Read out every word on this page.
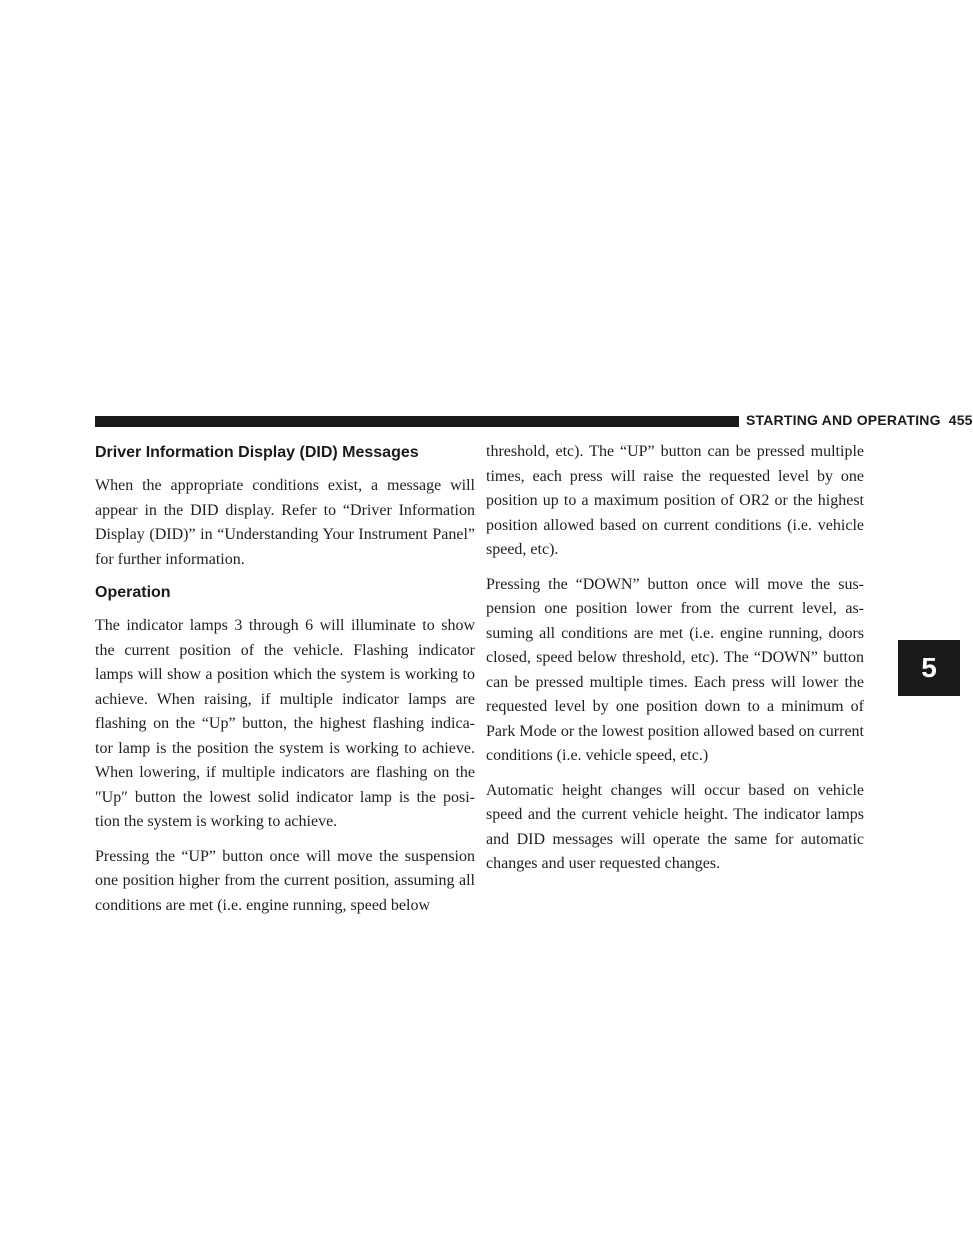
STARTING AND OPERATING 455
5
Driver Information Display (DID) Messages

When the appropriate conditions exist, a message will appear in the DID display. Refer to “Driver Information Display (DID)” in “Understanding Your Instrument Panel” for further information.

Operation

The indicator lamps 3 through 6 will illuminate to show the current position of the vehicle. Flashing indicator lamps will show a position which the system is working to achieve. When raising, if multiple indicator lamps are flashing on the “Up” button, the highest flashing indica- tor lamp is the position the system is working to achieve. When lowering, if multiple indicators are flashing on the ″Up″ button the lowest solid indicator lamp is the posi- tion the system is working to achieve.

Pressing the “UP” button once will move the suspension one position higher from the current position, assuming all conditions are met (i.e. engine running, speed below

threshold, etc). The “UP” button can be pressed multiple times, each press will raise the requested level by one position up to a maximum position of OR2 or the highest position allowed based on current conditions (i.e. vehicle speed, etc).

Pressing the “DOWN” button once will move the sus- pension one position lower from the current level, as- suming all conditions are met (i.e. engine running, doors closed, speed below threshold, etc). The “DOWN” button can be pressed multiple times. Each press will lower the requested level by one position down to a minimum of Park Mode or the lowest position allowed based on current conditions (i.e. vehicle speed, etc.)

Automatic height changes will occur based on vehicle speed and the current vehicle height. The indicator lamps and DID messages will operate the same for automatic changes and user requested changes.
